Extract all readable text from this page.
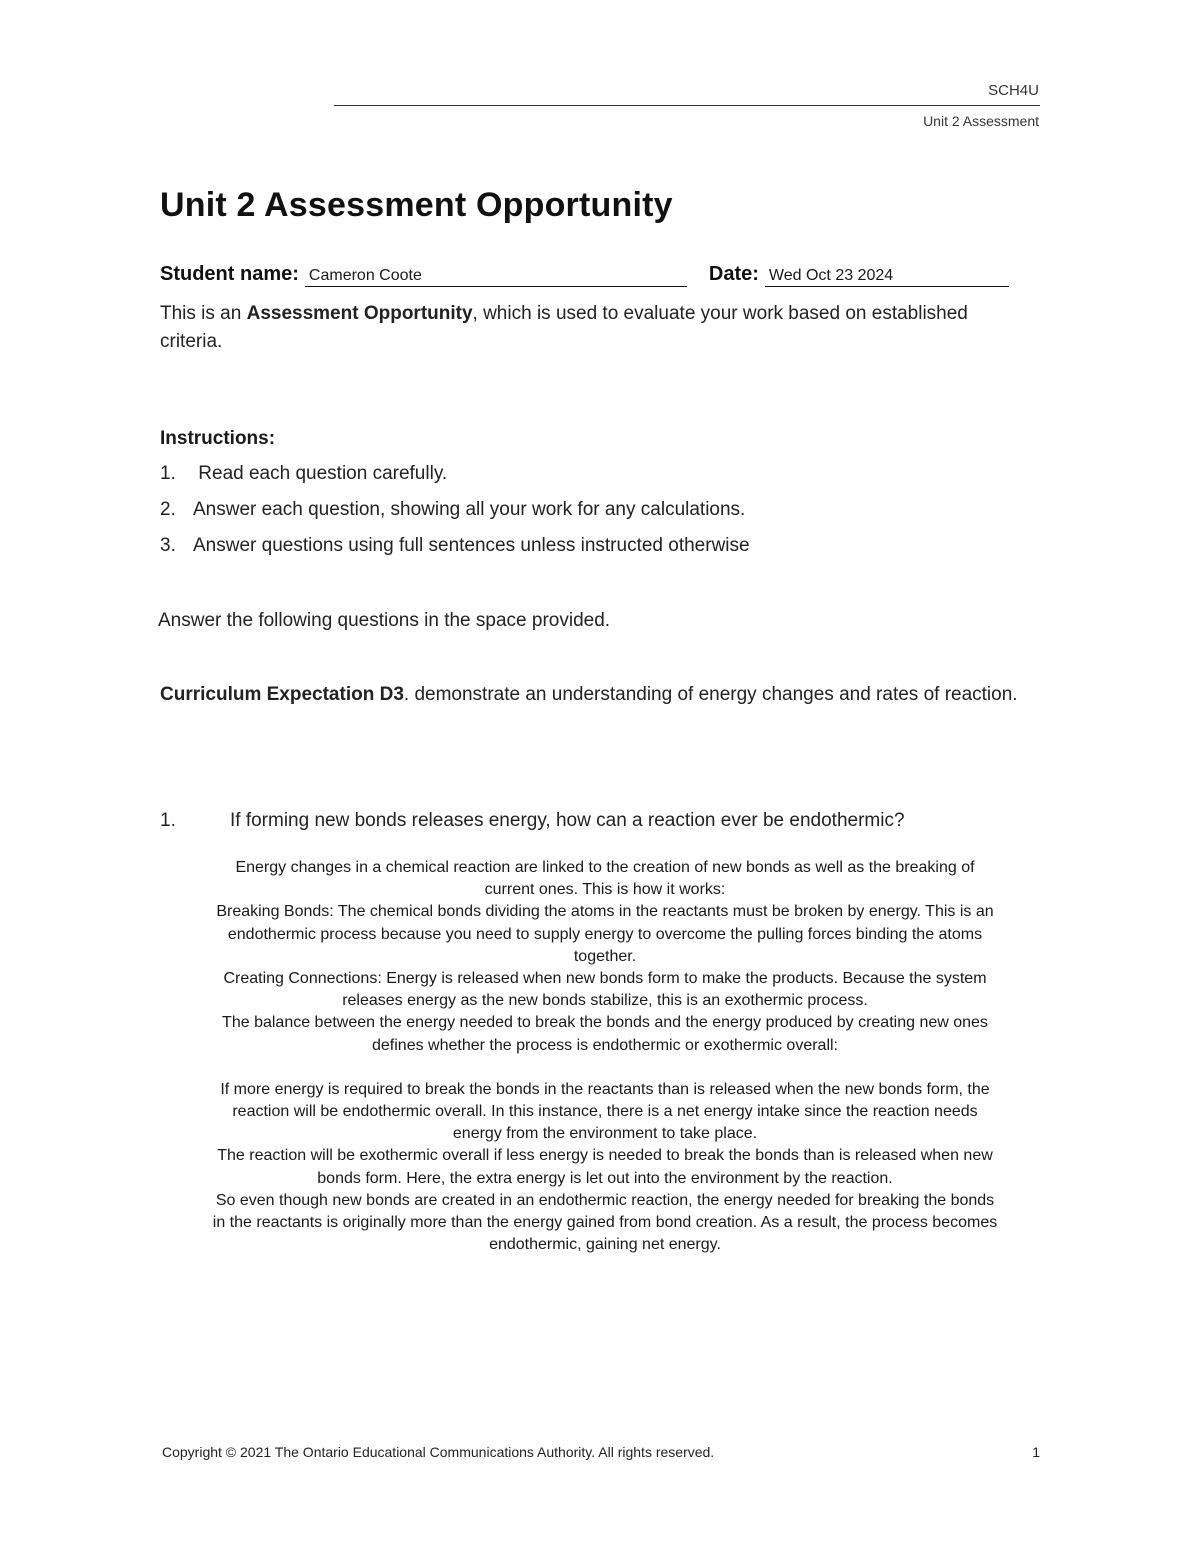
SCH4U
Unit 2 Assessment
Unit 2 Assessment Opportunity
Student name: Cameron Coote	Date: Wed Oct 23 2024

This is an Assessment Opportunity, which is used to evaluate your work based on established criteria.

Instructions:
1. Read each question carefully.
2. Answer each question, showing all your work for any calculations.
3. Answer questions using full sentences unless instructed otherwise

Answer the following questions in the space provided.

Curriculum Expectation D3. demonstrate an understanding of energy changes and rates of reaction.

1.	If forming new bonds releases energy, how can a reaction ever be endothermic?

Energy changes in a chemical reaction are linked to the creation of new bonds as well as the breaking of current ones. This is how it works:

Breaking Bonds: The chemical bonds dividing the atoms in the reactants must be broken by energy. This is an endothermic process because you need to supply energy to overcome the pulling forces binding the atoms together.

Creating Connections: Energy is released when new bonds form to make the products. Because the system releases energy as the new bonds stabilize, this is an exothermic process.

The balance between the energy needed to break the bonds and the energy produced by creating new ones defines whether the process is endothermic or exothermic overall:

If more energy is required to break the bonds in the reactants than is released when the new bonds form, the reaction will be endothermic overall. In this instance, there is a net energy intake since the reaction needs energy from the environment to take place.

The reaction will be exothermic overall if less energy is needed to break the bonds than is released when new bonds form. Here, the extra energy is let out into the environment by the reaction.

So even though new bonds are created in an endothermic reaction, the energy needed for breaking the bonds in the reactants is originally more than the energy gained from bond creation. As a result, the process becomes endothermic, gaining net energy.

Copyright © 2021 The Ontario Educational Communications Authority. All rights reserved.	1
